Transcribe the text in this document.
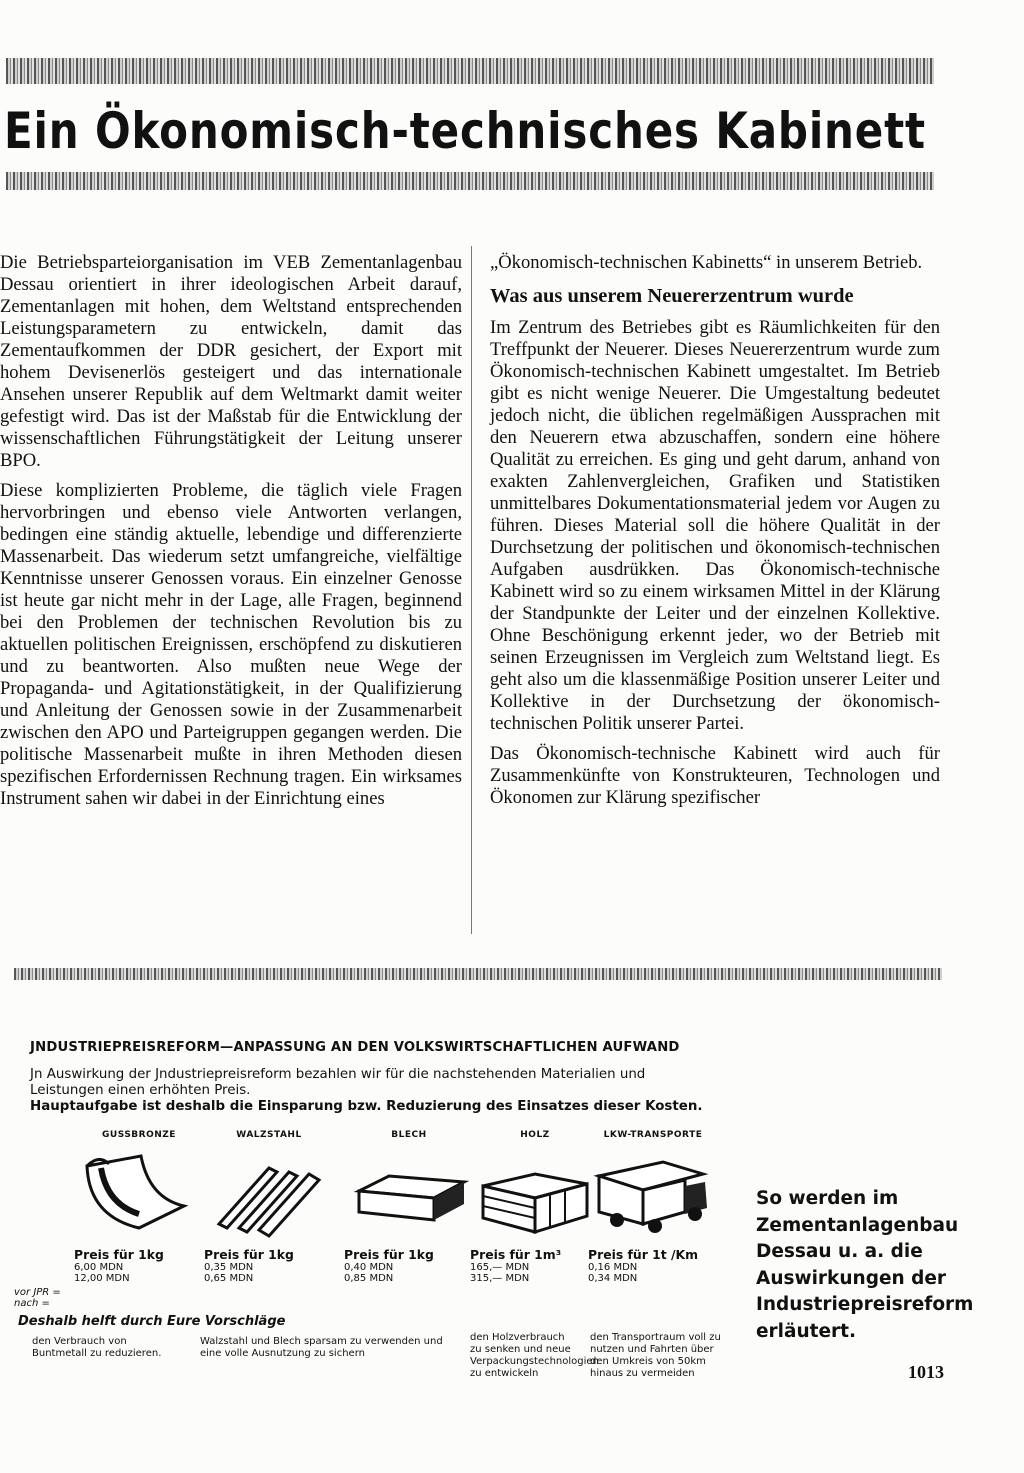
Ein Ökonomisch-technisches Kabinett

Die Betriebsparteiorganisation im VEB Zementanlagenbau Dessau orientiert in ihrer ideologischen Arbeit darauf, Zementanlagen mit hohen, dem Weltstand entsprechenden Leistungsparametern zu entwickeln, damit das Zementaufkommen der DDR gesichert, der Export mit hohem Devisenerlös gesteigert und das internationale Ansehen unserer Republik auf dem Weltmarkt damit weiter gefestigt wird. Das ist der Maßstab für die Entwicklung der wissenschaftlichen Führungstätigkeit der Leitung unserer BPO.

Diese komplizierten Probleme, die täglich viele Fragen hervorbringen und ebenso viele Antworten verlangen, bedingen eine ständig aktuelle, lebendige und differenzierte Massenarbeit. Das wiederum setzt umfangreiche, vielfältige Kenntnisse unserer Genossen voraus. Ein einzelner Genosse ist heute gar nicht mehr in der Lage, alle Fragen, beginnend bei den Problemen der technischen Revolution bis zu aktuellen politischen Ereignissen, erschöpfend zu diskutieren und zu beantworten. Also mußten neue Wege der Propaganda- und Agitationstätigkeit, in der Qualifizierung und Anleitung der Genossen sowie in der Zusammenarbeit zwischen den APO und Parteigruppen gegangen werden. Die politische Massenarbeit mußte in ihren Methoden diesen spezifischen Erfordernissen Rechnung tragen. Ein wirksames Instrument sahen wir dabei in der Einrichtung eines

„Ökonomisch-technischen Kabinetts“ in unserem Betrieb.

Was aus unserem Neuererzentrum wurde

Im Zentrum des Betriebes gibt es Räumlichkeiten für den Treffpunkt der Neuerer. Dieses Neuererzentrum wurde zum Ökonomisch-technischen Kabinett umgestaltet. Im Betrieb gibt es nicht wenige Neuerer. Die Umgestaltung bedeutet jedoch nicht, die üblichen regelmäßigen Aussprachen mit den Neuerern etwa abzuschaffen, sondern eine höhere Qualität zu erreichen. Es ging und geht darum, anhand von exakten Zahlenvergleichen, Grafiken und Statistiken unmittelbares Dokumentationsmaterial jedem vor Augen zu führen. Dieses Material soll die höhere Qualität in der Durchsetzung der politischen und ökonomisch-technischen Aufgaben ausdrükken. Das Ökonomisch-technische Kabinett wird so zu einem wirksamen Mittel in der Klärung der Standpunkte der Leiter und der einzelnen Kollektive. Ohne Beschönigung erkennt jeder, wo der Betrieb mit seinen Erzeugnissen im Vergleich zum Weltstand liegt. Es geht also um die klassenmäßige Position unserer Leiter und Kollektive in der Durchsetzung der ökonomisch-technischen Politik unserer Partei.

Das Ökonomisch-technische Kabinett wird auch für Zusammenkünfte von Konstrukteuren, Technologen und Ökonomen zur Klärung spezifischer

JNDUSTRIEPREISREFORM—ANPASSUNG AN DEN VOLKSWIRTSCHAFTLICHEN AUFWAND
Jn Auswirkung der Jndustriepreisreform bezahlen wir für die nachstehenden Materialien und
Leistungen einen erhöhten Preis.
Hauptaufgabe ist deshalb die Einsparung bzw. Reduzierung des Einsatzes dieser Kosten.
GUSSBRONZE
Preis für 1kg
6,00 MDN
12,00 MDN
WALZSTAHL
Preis für 1kg
0,35 MDN
0,65 MDN
BLECH
Preis für 1kg
0,40 MDN
0,85 MDN
HOLZ
Preis für 1m³
165,— MDN
315,— MDN
LKW-TRANSPORTE
Preis für 1t /Km
0,16 MDN
0,34 MDN
vor JPR =
nach =
Deshalb helft durch Eure Vorschläge
den Verbrauch von Buntmetall zu reduzieren.
Walzstahl und Blech sparsam zu verwenden und eine volle Ausnutzung zu sichern
den Holzverbrauch zu senken und neue Verpackungstechnologien zu entwickeln
den Transportraum voll zu nutzen und Fahrten über den Umkreis von 50km hinaus zu vermeiden
So werden im Zementanlagenbau Dessau u. a. die Auswirkungen der Industriepreisreform erläutert.
1013
